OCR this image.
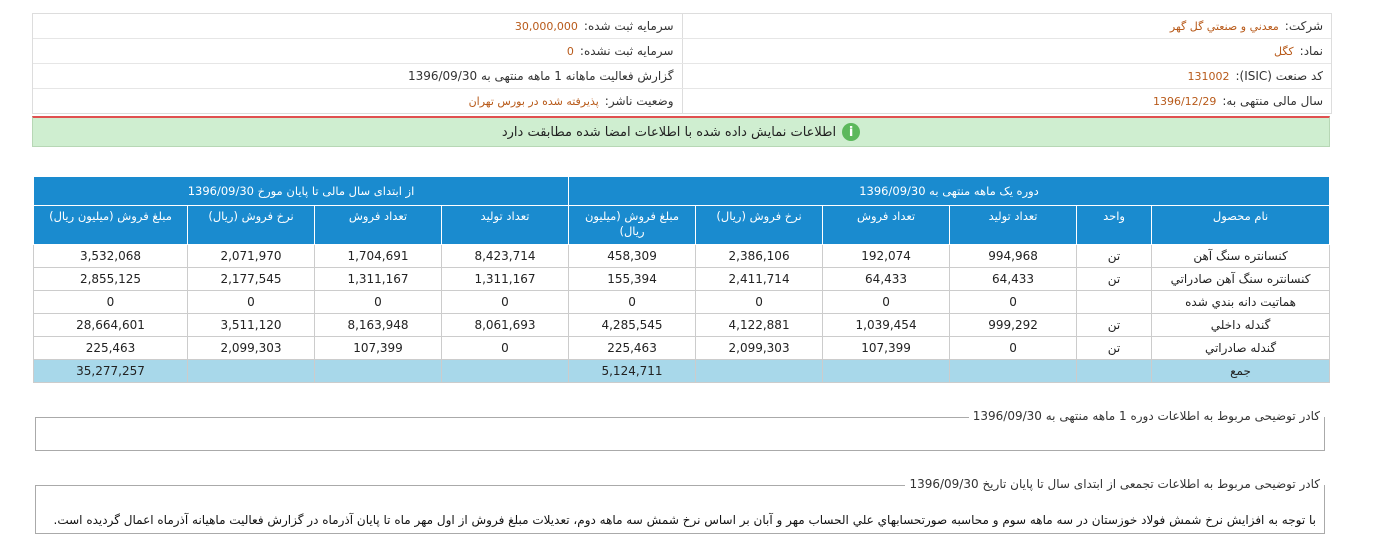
شرکت:
معدني و صنعتي گل گهر
سرمایه ثبت شده:
30,000,000
نماد:
کگل
سرمایه ثبت نشده:
0
کد صنعت (ISIC):
131002
گزارش فعالیت ماهانه 1 ماهه منتهی به 1396/09/30
سال مالی منتهی به:
1396/12/29
وضعیت ناشر:
پذيرفته شده در بورس تهران
i
اطلاعات نمایش داده شده با اطلاعات امضا شده مطابقت دارد
دوره یک ماهه منتهی به 1396/09/30						از ابتدای سال مالی تا پایان مورخ 1396/09/30			
نام محصول	واحد	تعداد تولید	تعداد فروش	نرخ فروش (ریال)	مبلغ فروش (میلیون ریال)	تعداد تولید	تعداد فروش	نرخ فروش (ریال)	مبلغ فروش (میلیون ریال)
کنسانتره سنگ آهن	تن	994,968	192,074	2,386,106	458,309	8,423,714	1,704,691	2,071,970	3,532,068
کنسانتره سنگ آهن صادراتي	تن	64,433	64,433	2,411,714	155,394	1,311,167	1,311,167	2,177,545	2,855,125
هماتيت دانه بندي شده		0	0	0	0	0	0	0	0
گندله داخلي	تن	999,292	1,039,454	4,122,881	4,285,545	8,061,693	8,163,948	3,511,120	28,664,601
گندله صادراتي	تن	0	107,399	2,099,303	225,463	0	107,399	2,099,303	225,463
جمع					5,124,711				35,277,257
کادر توضیحی مربوط به اطلاعات دوره 1 ماهه منتهی به 1396/09/30
کادر توضیحی مربوط به اطلاعات تجمعی از ابتدای سال تا پایان تاریخ 1396/09/30
با توجه به افزايش نرخ شمش فولاد خوزستان در سه ماهه سوم و محاسبه صورتحسابهاي علي الحساب مهر و آبان بر اساس نرخ شمش سه ماهه دوم، تعديلات مبلغ فروش از اول مهر ماه تا پايان آذرماه در گزارش فعاليت ماهيانه آذرماه اعمال گرديده است.
